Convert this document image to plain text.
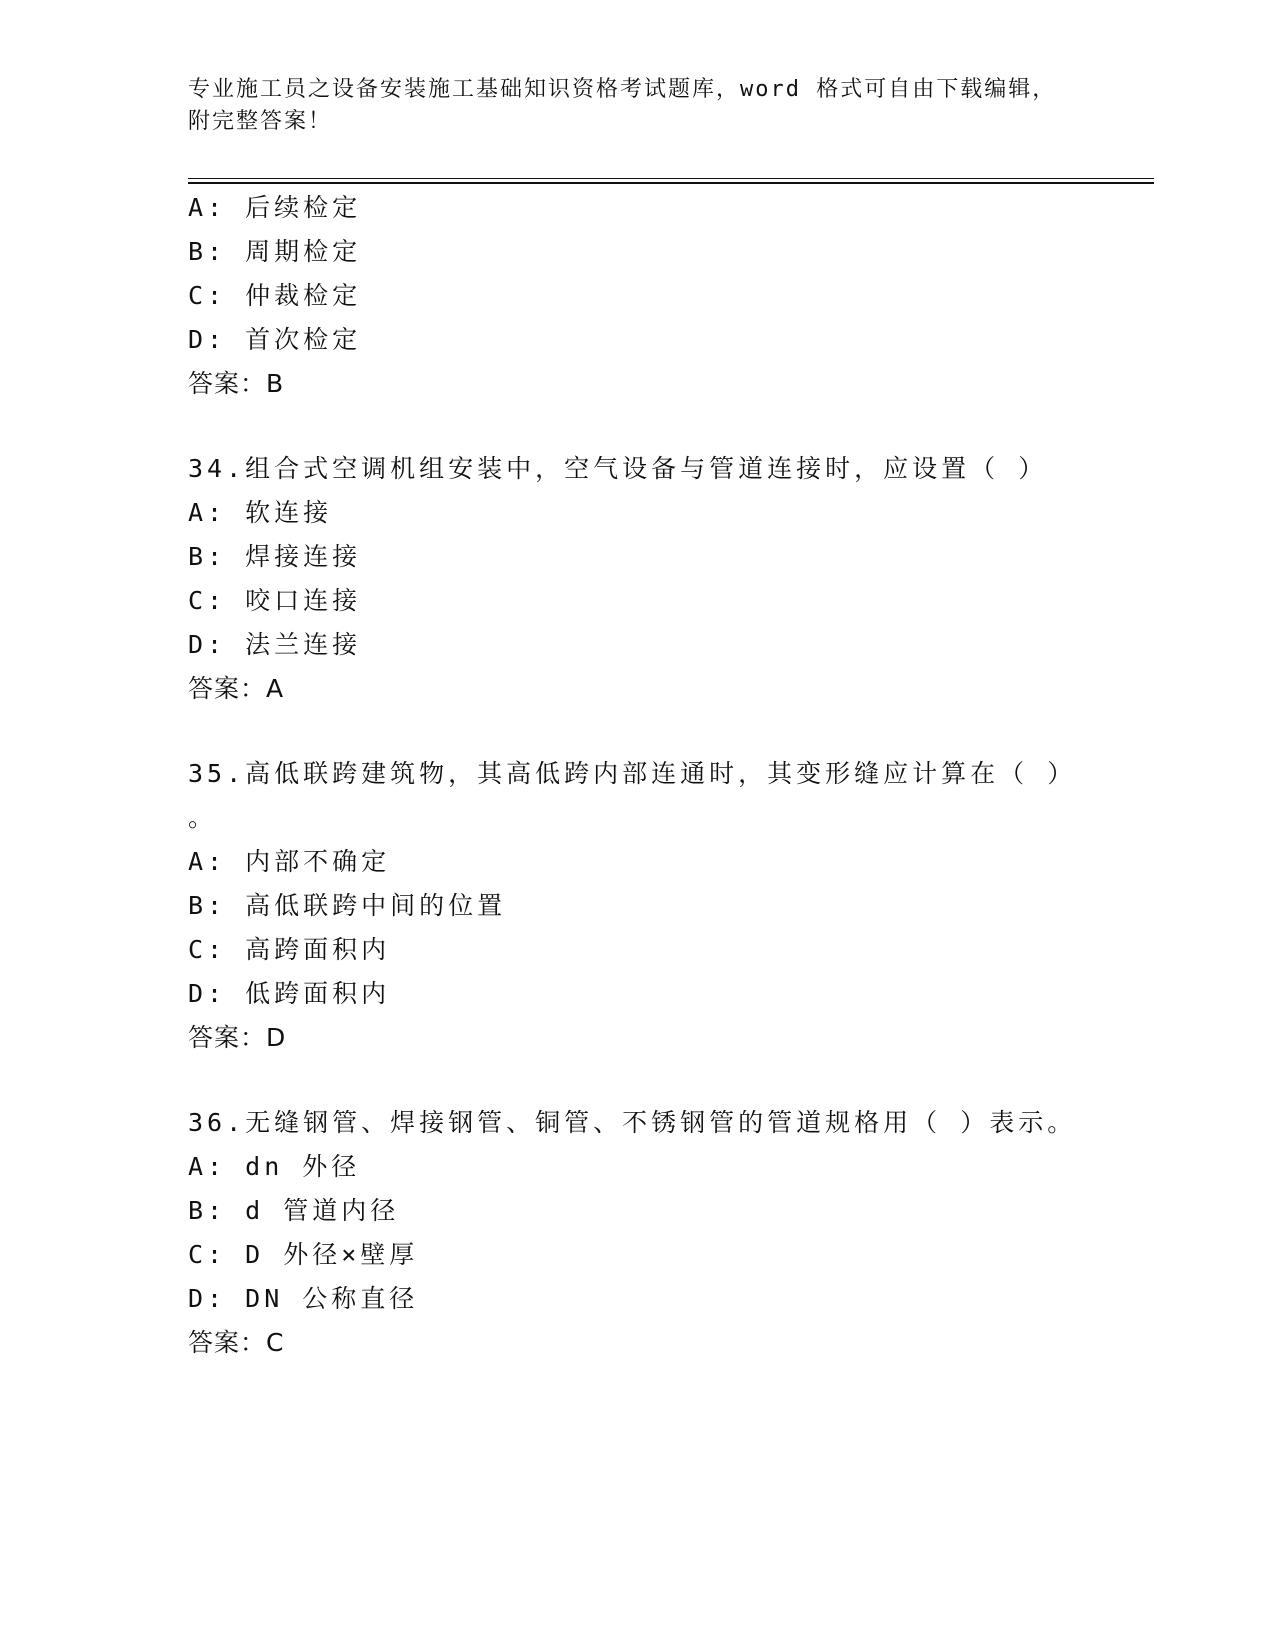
专业施工员之设备安装施工基础知识资格考试题库，word 格式可自由下载编辑，
附完整答案！
A: 后续检定
B: 周期检定
C: 仲裁检定
D: 首次检定
答案：B
34.组合式空调机组安装中，空气设备与管道连接时，应设置（ ）
A: 软连接
B: 焊接连接
C: 咬口连接
D: 法兰连接
答案：A
35.高低联跨建筑物，其高低跨内部连通时，其变形缝应计算在（ ）
。
A: 内部不确定
B: 高低联跨中间的位置
C: 高跨面积内
D: 低跨面积内
答案：D
36.无缝钢管、焊接钢管、铜管、不锈钢管的管道规格用（ ）表示。
A: dn 外径
B: d 管道内径
C: D 外径×壁厚
D: DN 公称直径
答案：C
